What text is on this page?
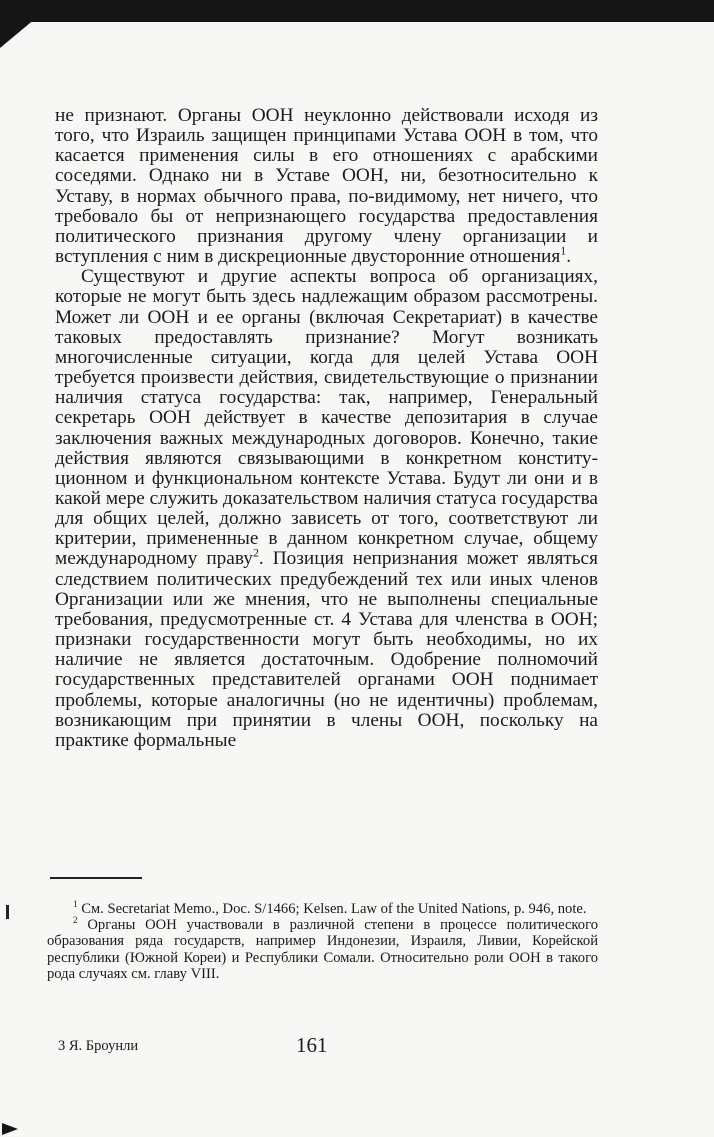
не признают. Органы ООН неуклонно действовали исходя из того, что Израиль защищен принципами Устава ООН в том, что касается применения силы в его отношениях с арабскими соседями. Однако ни в Уставе ООН, ни, безотносительно к Уставу, в нормах обычного права, по-видимому, нет ничего, что требовало бы от непризнающего государства предоставления политического признания другому члену организации и вступления с ним в дискреционные двусторонние отношения$^1$.

Существуют и другие аспекты вопроса об организациях, которые не могут быть здесь надлежащим образом рассмотрены. Может ли ООН и ее органы (включая Секретариат) в качестве таковых предоставлять признание? Могут возникать многочисленные ситуации, когда для целей Устава ООН требуется произвести действия, свидетельствующие о признании наличия статуса государства: так, например, Генеральный секретарь ООН действует в качестве депозитария в случае заключения важных международных договоров. Конечно, такие действия являются связывающими в конкретном конституционном и функциональном контексте Устава. Будут ли они и в какой мере служить доказательством наличия статуса государства для общих целей, должно зависеть от того, соответствуют ли критерии, примененные в данном конкретном случае, общему международному праву$^2$. Позиция непризнания может являться следствием политических предубеждений тех или иных членов Организации или же мнения, что не выполнены специальные требования, предусмотренные ст. 4 Устава для членства в ООН; признаки государственности могут быть необходимы, но их наличие не является достаточным. Одобрение полномочий государственных представителей органами ООН поднимает проблемы, которые аналогичны (но не идентичны) проблемам, возникающим при принятии в члены ООН, поскольку на практике формальные

$^1$ См. Secretariat Memo., Doc. S/1466; Kelsen. Law of the United Nations, p. 946, note.

$^2$ Органы ООН участвовали в различной степени в процессе политического образования ряда государств, например Индонезии, Израиля, Ливии, Корейской республики (Южной Кореи) и Республики Сомали. Относительно роли ООН в такого рода случаях см. главу VIII.

3 Я. Броунли	161
